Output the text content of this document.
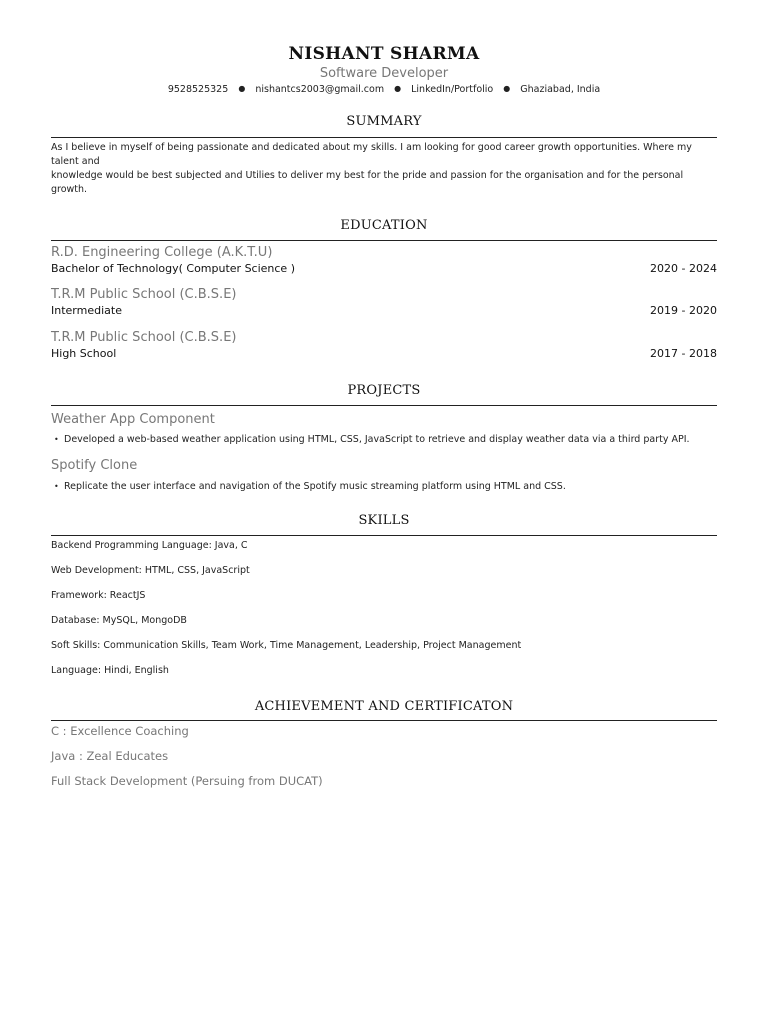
NISHANT SHARMA
Software Developer
9528525325 ● nishantcs2003@gmail.com ● LinkedIn/Portfolio ● Ghaziabad, India
SUMMARY
As I believe in myself of being passionate and dedicated about my skills. I am looking for good career growth opportunities. Where my talent and
knowledge would be best subjected and Utilies to deliver my best for the pride and passion for the organisation and for the personal growth.
EDUCATION
R.D. Engineering College (A.K.T.U)
Bachelor of Technology( Computer Science )	2020 - 2024
T.R.M Public School (C.B.S.E)
Intermediate	2019 - 2020
T.R.M Public School (C.B.S.E)
High School	2017 - 2018
PROJECTS
Weather App Component
• Developed a web-based weather application using HTML, CSS, JavaScript to retrieve and display weather data via a third party API.
Spotify Clone
• Replicate the user interface and navigation of the Spotify music streaming platform using HTML and CSS.
SKILLS
Backend Programming Language: Java, C
Web Development: HTML, CSS, JavaScript
Framework: ReactJS
Database: MySQL, MongoDB
Soft Skills: Communication Skills, Team Work, Time Management, Leadership, Project Management
Language: Hindi, English
ACHIEVEMENT AND CERTIFICATON
C : Excellence Coaching
Java : Zeal Educates
Full Stack Development (Persuing from DUCAT)
